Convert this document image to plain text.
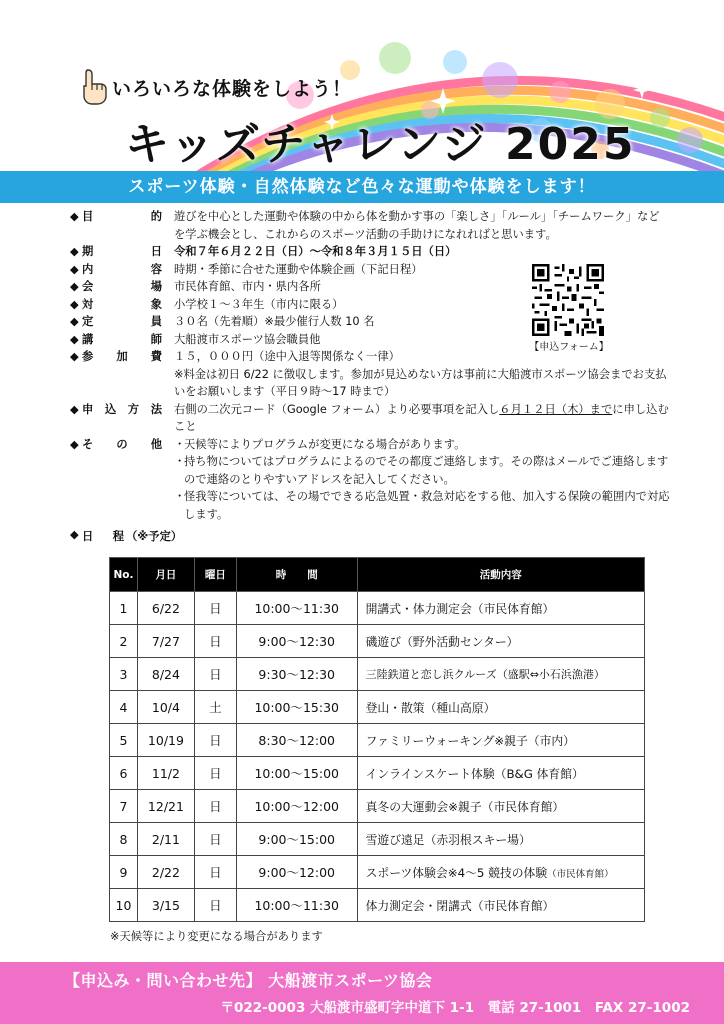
いろいろな体験をしよう！
キッズチャレンジ 2025
スポーツ体験・自然体験など色々な運動や体験をします！
◆ 目　的 遊びを中心とした運動や体験の中から体を動かす事の「楽しさ」「ルール」「チームワーク」などを学ぶ機会とし、これからのスポーツ活動の手助けになれればと思います。
◆ 期　日 令和７年６月２２日（日）～令和８年３月１５日（日）
◆ 内　容 時期・季節に合せた運動や体験企画（下記日程）
◆ 会　場 市民体育館、市内・県内各所
◆ 対　象 小学校１～３年生（市内に限る）
◆ 定　員 ３０名（先着順）※最少催行人数 10 名
◆ 講　師 大船渡市スポーツ協会職員他
◆ 参加費 １５，０００円（途中入退等関係なく一律）
※料金は初日 6/22 に徴収します。参加が見込めない方は事前に大船渡市スポーツ協会までお支払いをお願いします（平日９時～17 時まで）
◆ 申込方法 右側の二次元コード（Google フォーム）より必要事項を記入し６月１２日（木）までに申し込むこと
◆ その他 ・
天候等によりプログラムが変更になる場合があります。
・
持ち物についてはプログラムによるのでその都度ご連絡します。その際はメールでご連絡しますので連絡のとりやすいアドレスを記入してください。
・
怪我等については、その場でできる応急処置・救急対応をする他、加入する保険の範囲内で対応します。
【申込フォーム】
◆ 日　程 （※予定）
No.	月日	曜日	時　　間	活動内容
1	6/22	日	10:00～11:30	開講式・体力測定会（市民体育館）
2	7/27	日	9:00～12:30	磯遊び（野外活動センター）
3	8/24	日	9:30～12:30	三陸鉄道と恋し浜クルーズ（盛駅⇔小石浜漁港）
4	10/4	土	10:00～15:30	登山・散策（種山高原）
5	10/19	日	8:30～12:00	ファミリーウォーキング※親子（市内）
6	11/2	日	10:00～15:00	インラインスケート体験（B&G 体育館）
7	12/21	日	10:00～12:00	真冬の大運動会※親子（市民体育館）
8	2/11	日	9:00～15:00	雪遊び遠足（赤羽根スキー場）
9	2/22	日	9:00～12:00	スポーツ体験会※4～5 競技の体験（市民体育館）
10	3/15	日	10:00～11:30	体力測定会・閉講式（市民体育館）
※天候等により変更になる場合があります
【申込み・問い合わせ先】 大船渡市スポーツ協会
〒022-0003 大船渡市盛町字中道下 1-1　電話 27-1001　FAX 27-1002
